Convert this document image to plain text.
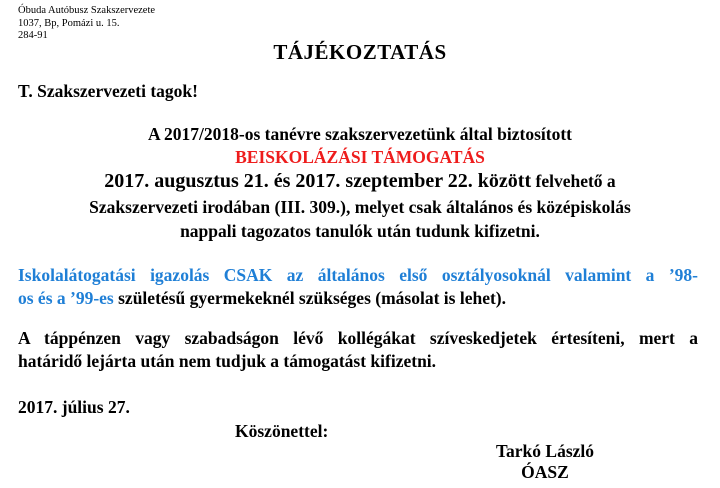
Óbuda Autóbusz Szakszervezete
1037, Bp, Pomázi u. 15.
284-91
TÁJÉKOZTATÁS
T. Szakszervezeti tagok!
A 2017/2018-os tanévre szakszervezetünk által biztosított
BEISKOLÁZÁSI TÁMOGATÁS
2017. augusztus 21. és 2017. szeptember 22. között felvehető a
Szakszervezeti irodában (III. 309.), melyet csak általános és középiskolás
nappali tagozatos tanulók után tudunk kifizetni.
Iskolalátogatási igazolás CSAK az általános első osztályosoknál valamint a ’98-
os és a ’99-es születésű gyermekeknél szükséges (másolat is lehet).
A táppénzen vagy szabadságon lévő kollégákat szíveskedjetek értesíteni, mert a
határidő lejárta után nem tudjuk a támogatást kifizetni.
2017. július 27.
Köszönettel:
Tarkó László
ÓASZ
